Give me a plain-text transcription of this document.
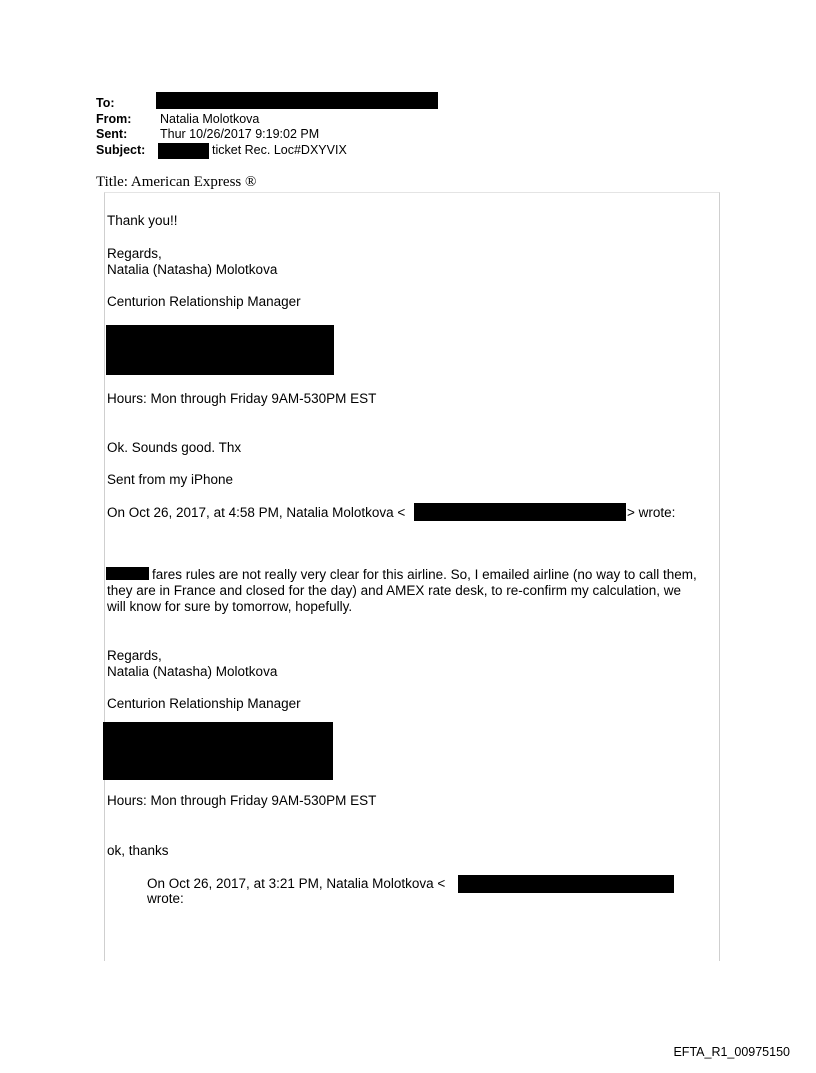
To:
From: Natalia Molotkova
Sent:	Thur 10/26/2017 9:19:02 PM
Subject:	ticket Rec. Loc#DXYVIX
Title: American Express ®
Thank you!!
Regards,
Natalia (Natasha) Molotkova
Centurion Relationship Manager
Hours: Mon through Friday 9AM-530PM EST
Ok. Sounds good. Thx
Sent from my iPhone
On Oct 26, 2017, at 4:58 PM, Natalia Molotkova <	> wrote:
fares rules are not really very clear for this airline. So, I emailed airline (no way to call them, they are in France and closed for the day) and AMEX rate desk, to re-confirm my calculation, we will know for sure by tomorrow, hopefully.
Regards,
Natalia (Natasha) Molotkova
Centurion Relationship Manager
Hours: Mon through Friday 9AM-530PM EST
ok, thanks
On Oct 26, 2017, at 3:21 PM, Natalia Molotkova <
wrote:
EFTA_R1_00975150
